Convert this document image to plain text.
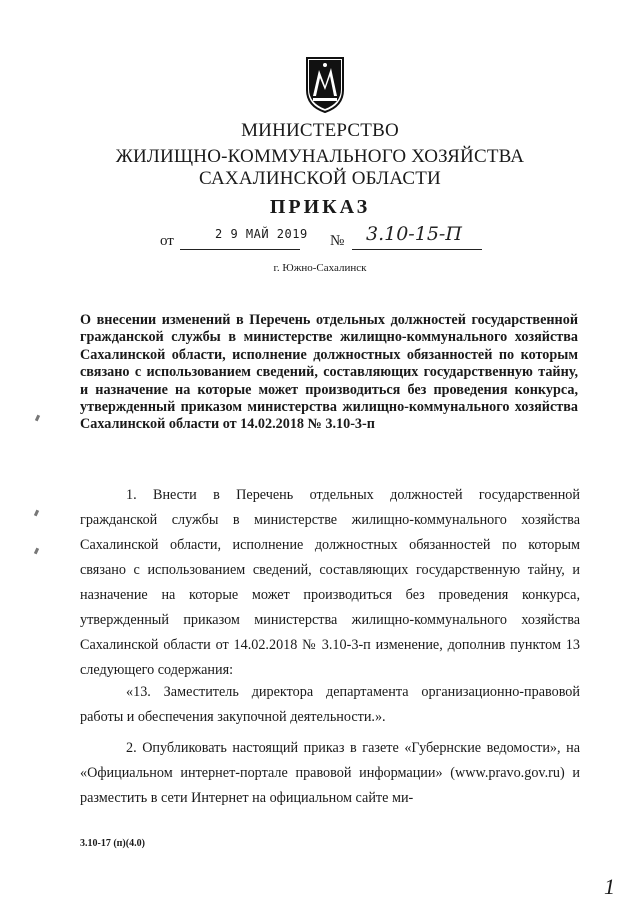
МИНИСТЕРСТВО
ЖИЛИЩНО-КОММУНАЛЬНОГО ХОЗЯЙСТВА
САХАЛИНСКОЙ ОБЛАСТИ
ПРИКАЗ
от	2 9 МАЙ 2019 № 3.10-15-П
г. Южно-Сахалинск
О внесении изменений в Перечень отдельных должностей государственной гражданской службы в министерстве жилищно-коммунального хозяйства Сахалинской области, исполнение должностных обязанностей по которым связано с использованием сведений, составляющих государственную тайну, и назначение на которые может производиться без проведения конкурса, утвержденный приказом министерства жилищно-коммунального хозяйства Сахалинской области от 14.02.2018 № 3.10-3-п
1. Внести в Перечень отдельных должностей государственной гражданской службы в министерстве жилищно-коммунального хозяйства Сахалинской области, исполнение должностных обязанностей по которым связано с использованием сведений, составляющих государственную тайну, и назначение на которые может производиться без проведения конкурса, утвержденный приказом министерства жилищно-коммунального хозяйства Сахалинской области от 14.02.2018 № 3.10-3-п изменение, дополнив пунктом 13 следующего содержания:
«13. Заместитель директора департамента организационно-правовой работы и обеспечения закупочной деятельности.».
2. Опубликовать настоящий приказ в газете «Губернские ведомости», на «Официальном интернет-портале правовой информации» (www.pravo.gov.ru) и разместить в сети Интернет на официальном сайте ми-
3.10-17 (п)(4.0)
1
